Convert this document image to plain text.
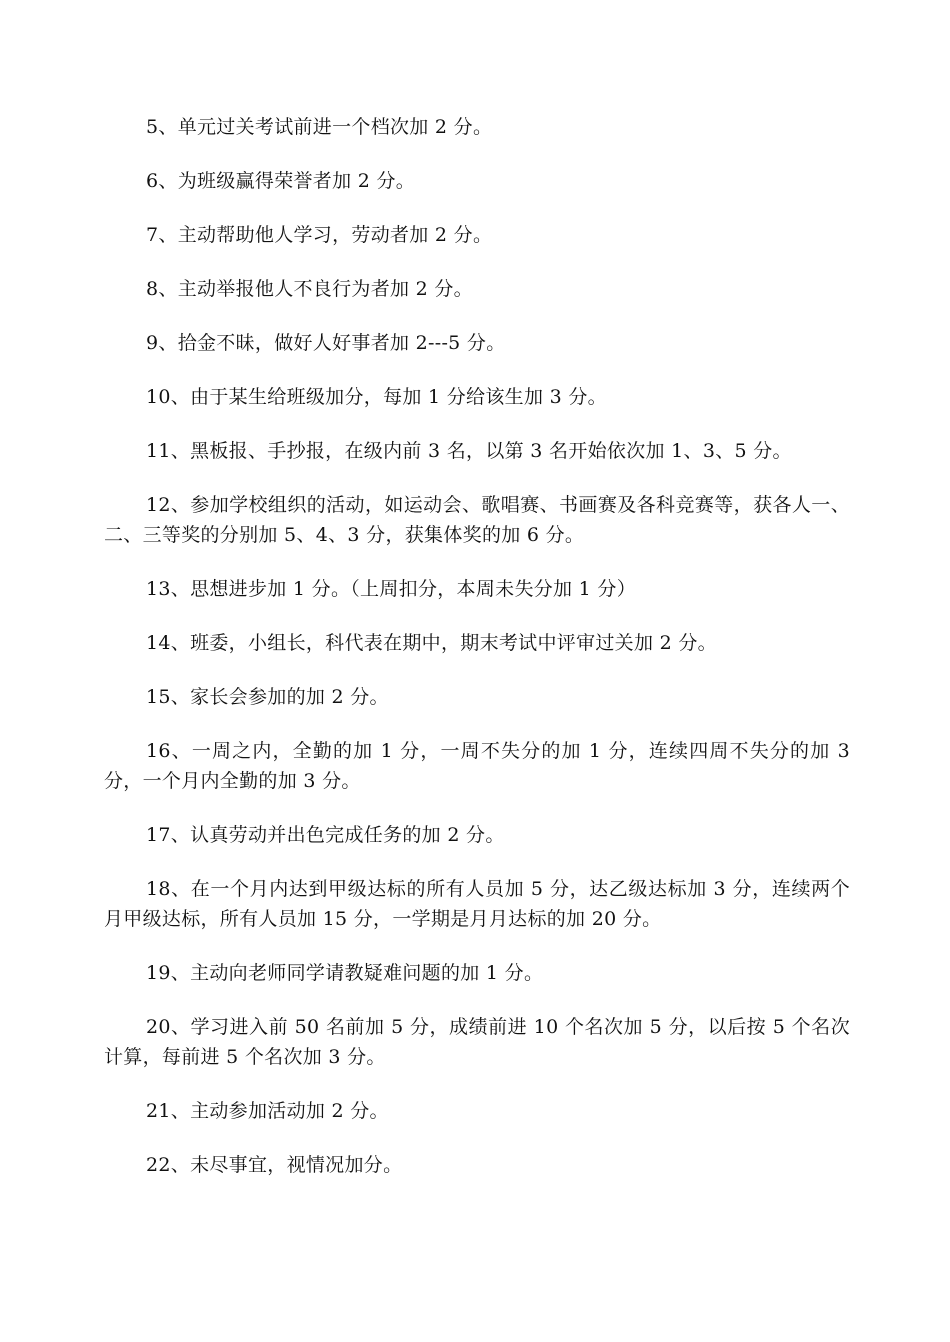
5、单元过关考试前进一个档次加 2 分。

6、为班级赢得荣誉者加 2 分。

7、主动帮助他人学习，劳动者加 2 分。

8、主动举报他人不良行为者加 2 分。

9、拾金不昧，做好人好事者加 2---5 分。

10、由于某生给班级加分，每加 1 分给该生加 3 分。

11、黑板报、手抄报，在级内前 3 名，以第 3 名开始依次加 1、3、5 分。

12、参加学校组织的活动，如运动会、歌唱赛、书画赛及各科竞赛等，获各人一、二、三等奖的分别加 5、4、3 分，获集体奖的加 6 分。

13、思想进步加 1 分。（上周扣分，本周未失分加 1 分）

14、班委，小组长，科代表在期中，期末考试中评审过关加 2 分。

15、家长会参加的加 2 分。

16、一周之内，全勤的加 1 分，一周不失分的加 1 分，连续四周不失分的加 3 分，一个月内全勤的加 3 分。

17、认真劳动并出色完成任务的加 2 分。

18、在一个月内达到甲级达标的所有人员加 5 分，达乙级达标加 3 分，连续两个月甲级达标，所有人员加 15 分，一学期是月月达标的加 20 分。

19、主动向老师同学请教疑难问题的加 1 分。

20、学习进入前 50 名前加 5 分，成绩前进 10 个名次加 5 分，以后按 5 个名次计算，每前进 5 个名次加 3 分。

21、主动参加活动加 2 分。

22、未尽事宜，视情况加分。
